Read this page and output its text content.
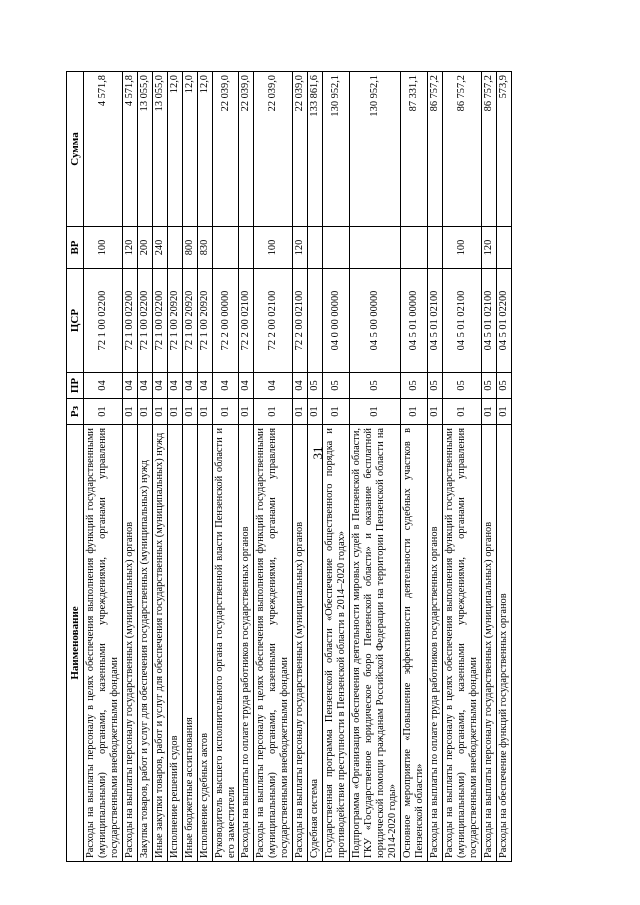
31
Наименование	Рз	ПР	ЦСР	ВР	Сумма
Расходы на выплаты персоналу в целях обеспечения выполнения функций государственными (муниципальными) органами, казенными учреждениями, органами управления государственными внебюджетными фондами	01	04	72 1 00 02200	100	4 571,8
Расходы на выплаты персоналу государственных (муниципальных) органов	01	04	72 1 00 02200	120	4 571,8
Закупка товаров, работ и услуг для обеспечения государственных (муниципальных) нужд	01	04	72 1 00 02200	200	13 055,0
Иные закупки товаров, работ и услуг для обеспечения государственных (муниципальных) нужд	01	04	72 1 00 02200	240	13 055,0
Исполнение решений судов	01	04	72 1 00 20920		12,0
Иные бюджетные ассигнования	01	04	72 1 00 20920	800	12,0
Исполнение судебных актов	01	04	72 1 00 20920	830	12,0
Руководитель высшего исполнительного органа государственной власти Пензенской области и его заместители	01	04	72 2 00 00000		22 039,0
Расходы на выплаты по оплате труда работников государственных органов	01	04	72 2 00 02100		22 039,0
Расходы на выплаты персоналу в целях обеспечения выполнения функций государственными (муниципальными) органами, казенными учреждениями, органами управления государственными внебюджетными фондами	01	04	72 2 00 02100	100	22 039,0
Расходы на выплаты персоналу государственных (муниципальных) органов	01	04	72 2 00 02100	120	22 039,0
Судебная система	01	05			133 861,6
Государственная программа Пензенской области «Обеспечение общественного порядка и противодействие преступности в Пензенской области в 2014–2020 годах»	01	05	04 0 00 00000		130 952,1
Подпрограмма «Организация обеспечения деятельности мировых судей в Пензенской области, ГКУ «Государственное юридическое бюро Пензенской области» и оказание бесплатной юридической помощи гражданам Российской Федерации на территории Пензенской области на 2014-2020 годы»	01	05	04 5 00 00000		130 952,1
Основное мероприятие «Повышение эффективности деятельности судебных участков в Пензенской области»	01	05	04 5 01 00000		87 331,1
Расходы на выплаты по оплате труда работников государственных органов	01	05	04 5 01 02100		86 757,2
Расходы на выплаты персоналу в целях обеспечения выполнения функций государственными (муниципальными) органами, казенными учреждениями, органами управления государственными внебюджетными фондами	01	05	04 5 01 02100	100	86 757,2
Расходы на выплаты персоналу государственных (муниципальных) органов	01	05	04 5 01 02100	120	86 757,2
Расходы на обеспечение функций государственных органов	01	05	04 5 01 02200		573,9
